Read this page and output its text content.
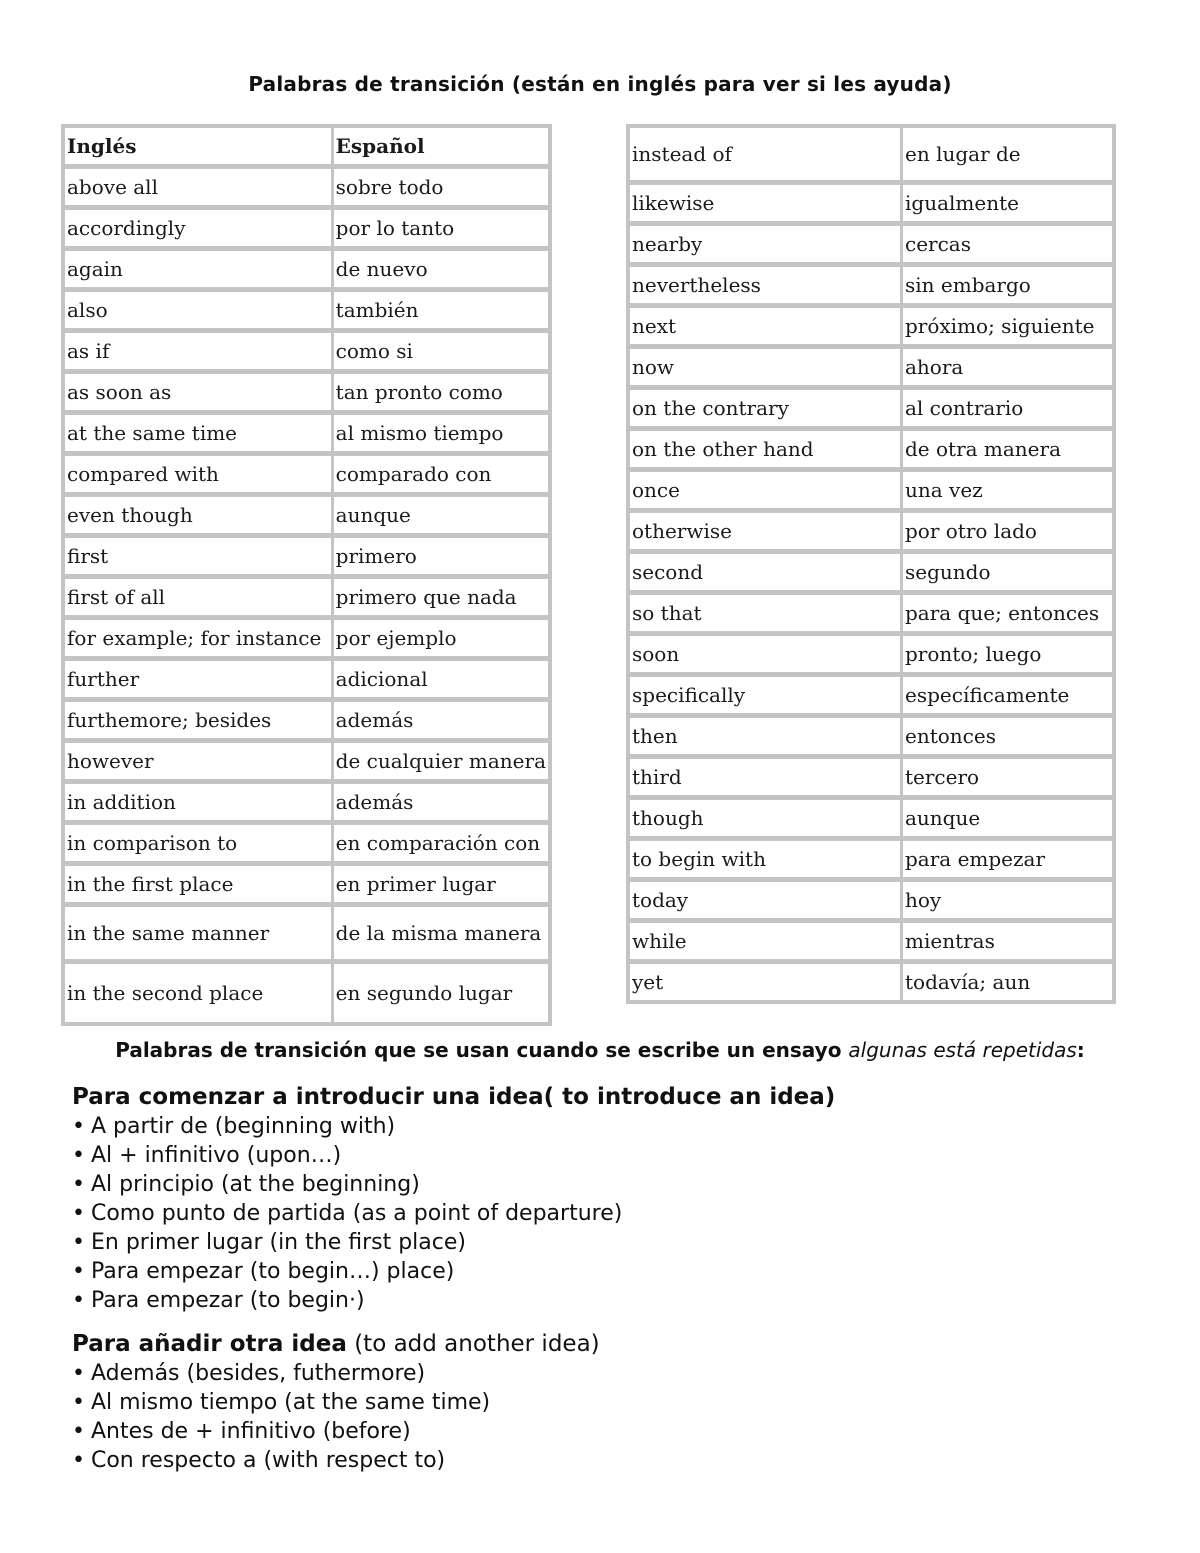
Palabras de transición (están en inglés para ver si les ayuda)
Inglés	Español
above all	sobre todo
accordingly	por lo tanto
again	de nuevo
also	también
as if	como si
as soon as	tan pronto como
at the same time	al mismo tiempo
compared with	comparado con
even though	aunque
first	primero
first of all	primero que nada
for example; for instance	por ejemplo
further	adicional
furthemore; besides	además
however	de cualquier manera
in addition	además
in comparison to	en comparación con
in the first place	en primer lugar
in the same manner	de la misma manera
in the second place	en segundo lugar
instead of	en lugar de
likewise	igualmente
nearby	cercas
nevertheless	sin embargo
next	próximo; siguiente
now	ahora
on the contrary	al contrario
on the other hand	de otra manera
once	una vez
otherwise	por otro lado
second	segundo
so that	para que; entonces
soon	pronto; luego
specifically	específicamente
then	entonces
third	tercero
though	aunque
to begin with	para empezar
today	hoy
while	mientras
yet	todavía; aun
Palabras de transición que se usan cuando se escribe un ensayo algunas está repetidas:
Para comenzar a introducir una idea( to introduce an idea)
• A partir de (beginning with)
• Al + infinitivo (upon…)
• Al principio (at the beginning)
• Como punto de partida (as a point of departure)
• En primer lugar (in the first place)
• Para empezar (to begin…) place)
• Para empezar (to begin·)
Para añadir otra idea (to add another idea)
• Además (besides, futhermore)
• Al mismo tiempo (at the same time)
• Antes de + infinitivo (before)
• Con respecto a (with respect to)
